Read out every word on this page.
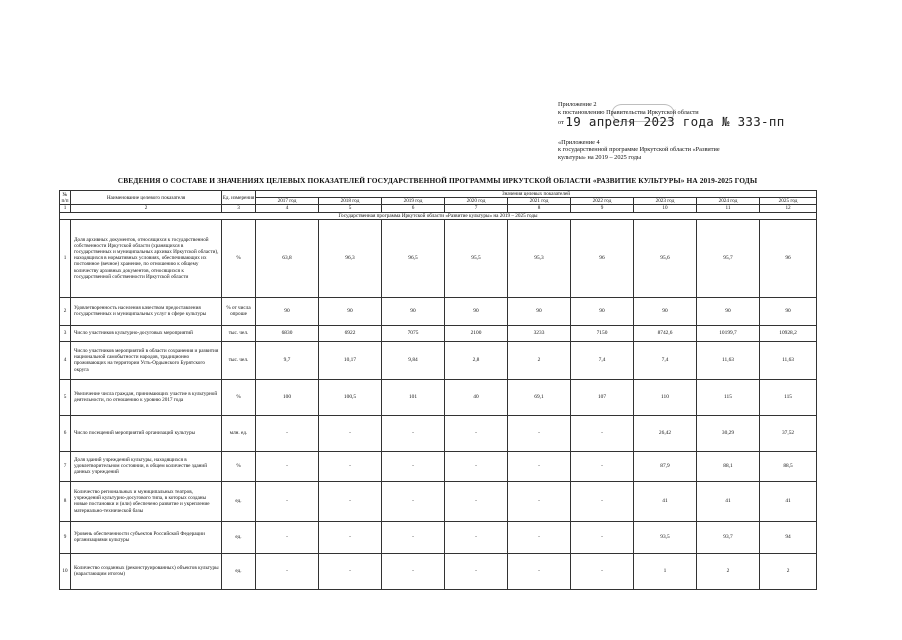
Приложение 2
к постановлению Правительства Иркутской области
от 19 апреля 2023 года № 333-пп
«Приложение 4
к государственной программе Иркутской области «Развитие
культуры» на 2019 – 2025 годы
СВЕДЕНИЯ О СОСТАВЕ И ЗНАЧЕНИЯХ ЦЕЛЕВЫХ ПОКАЗАТЕЛЕЙ ГОСУДАРСТВЕННОЙ ПРОГРАММЫ ИРКУТСКОЙ ОБЛАСТИ «РАЗВИТИЕ КУЛЬТУРЫ» НА 2019-2025 ГОДЫ
№ п/п	Наименование целевого показателя	Ед. измерения	Значения целевых показателей								
			2017 год	2018 год	2019 год	2020 год	2021 год	2022 год	2023 год	2024 год	2025 год
1	2	3	4	5	6	7	8	9	10	11	12
Государственная программа Иркутской области «Развитие культуры» на 2019 – 2025 годы											
1	Доля архивных документов, относящихся к государственной собственности Иркутской области (хранящихся в государственных и муниципальных архивах Иркутской области), находящихся в нормативных условиях, обеспечивающих их постоянное (вечное) хранение, по отношению к общему количеству архивных документов, относящихся к государственной собственности Иркутской области	%	63,8	96,3	96,5	95,5	95,3	96	95,6	95,7	96
2	Удовлетворенность населения качеством предоставления государственных и муниципальных услуг в сфере культуры	% от числа опроше	90	90	90	90	90	90	90	90	90
3	Число участников культурно-досуговых мероприятий	тыс. чел.	6830	6922	7075	2100	3233	7150	8742,6	10199,7	10928,2
4	Число участников мероприятий в области сохранения и развития национальной самобытности народов, традиционно проживающих на территории Усть-Ордынского Бурятского округа	тыс. чел.	9,7	10,17	9,84	2,8	2	7,4	7,4	11,63	11,63
5	Увеличение числа граждан, принимающих участие в культурной деятельности, по отношению к уровню 2017 года	%	100	100,5	101	40	69,1	107	110	115	115
6	Число посещений мероприятий организаций культуры	млн. ед.	-	-	-	-	-	-	26,42	30,29	37,52
7	Доля зданий учреждений культуры, находящихся в удовлетворительном состоянии, в общем количестве зданий данных учреждений	%	-	-	-	-	-	-	87,9	88,1	88,5
8	Количество региональных и муниципальных театров, учреждений культурно-досугового типа, в которых созданы новые постановки и (или) обеспечено развитие и укрепление материально-технической базы	ед.	-	-	-	-	-	-	41	41	41
9	Уровень обеспеченности субъектов Российской Федерации организациями культуры	ед.	-	-	-	-	-	-	93,5	93,7	94
10	Количество созданных (реконструированных) объектов культуры (нарастающим итогом)	ед.	-	-	-	-	-	-	1	2	2
